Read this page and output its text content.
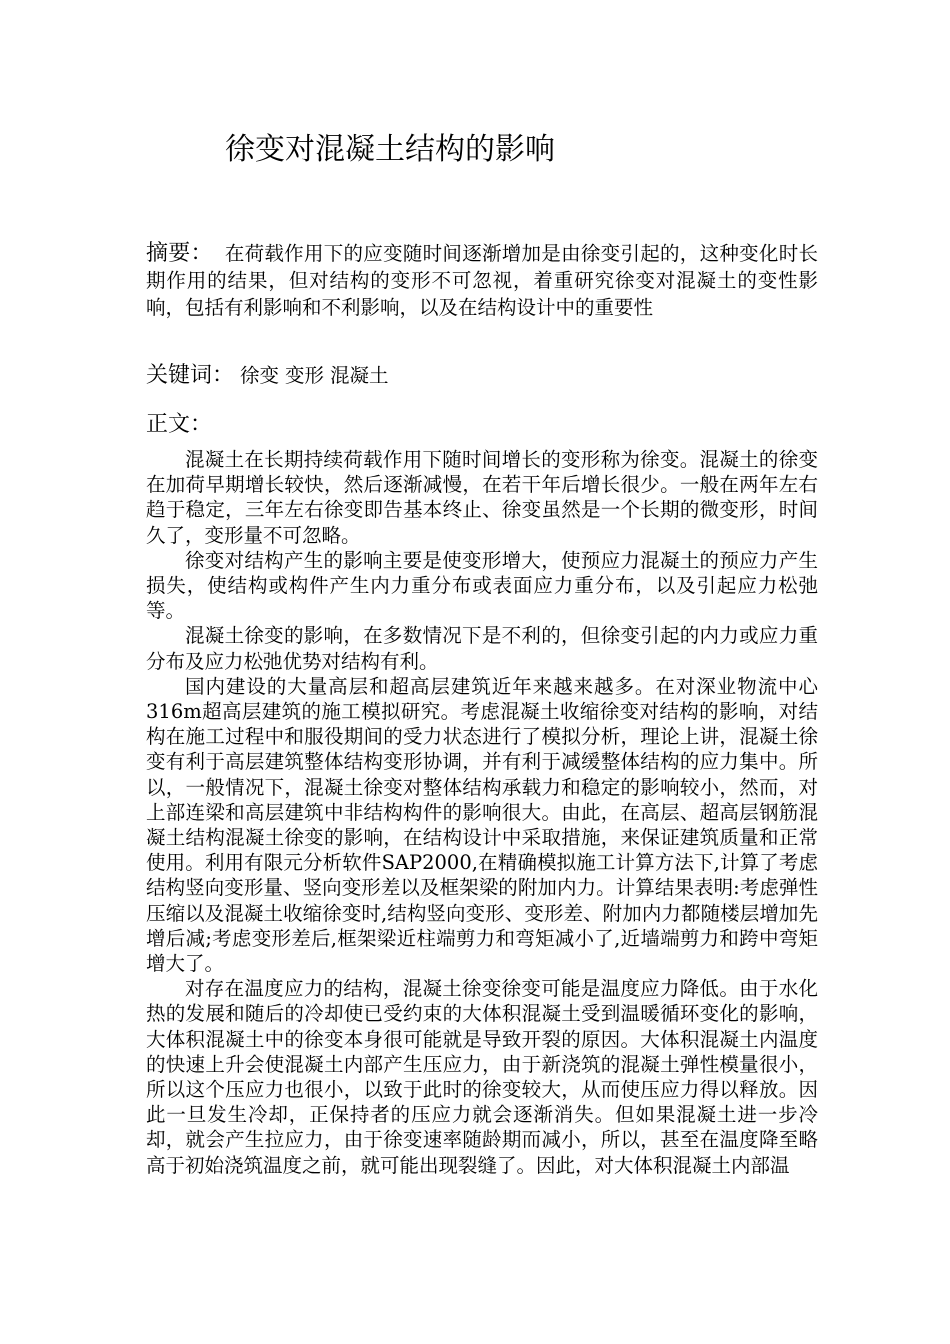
徐变对混凝土结构的影响
摘要： 在荷载作用下的应变随时间逐渐增加是由徐变引起的，这种变化时长期作用的结果，但对结构的变形不可忽视，着重研究徐变对混凝土的变性影响，包括有利影响和不利影响，以及在结构设计中的重要性
关键词： 徐变 变形 混凝土
正文：

混凝土在长期持续荷载作用下随时间增长的变形称为徐变。混凝土的徐变在加荷早期增长较快，然后逐渐减慢，在若干年后增长很少。一般在两年左右趋于稳定，三年左右徐变即告基本终止、徐变虽然是一个长期的微变形，时间久了，变形量不可忽略。

徐变对结构产生的影响主要是使变形增大，使预应力混凝土的预应力产生损失，使结构或构件产生内力重分布或表面应力重分布，以及引起应力松弛等。

混凝土徐变的影响，在多数情况下是不利的，但徐变引起的内力或应力重分布及应力松弛优势对结构有利。

国内建设的大量高层和超高层建筑近年来越来越多。在对深业物流中心316m超高层建筑的施工模拟研究。考虑混凝土收缩徐变对结构的影响，对结构在施工过程中和服役期间的受力状态进行了模拟分析，理论上讲，混凝土徐变有利于高层建筑整体结构变形协调，并有利于减缓整体结构的应力集中。所以，一般情况下，混凝土徐变对整体结构承载力和稳定的影响较小，然而，对上部连梁和高层建筑中非结构构件的影响很大。由此，在高层、超高层钢筋混凝土结构混凝土徐变的影响，在结构设计中采取措施，来保证建筑质量和正常使用。利用有限元分析软件SAP2000,在精确模拟施工计算方法下,计算了考虑结构竖向变形量、竖向变形差以及框架梁的附加内力。计算结果表明:考虑弹性压缩以及混凝土收缩徐变时,结构竖向变形、变形差、附加内力都随楼层增加先增后减;考虑变形差后,框架梁近柱端剪力和弯矩减小了,近墙端剪力和跨中弯矩增大了。

对存在温度应力的结构，混凝土徐变徐变可能是温度应力降低。由于水化热的发展和随后的冷却使已受约束的大体积混凝土受到温暖循环变化的影响，大体积混凝土中的徐变本身很可能就是导致开裂的原因。大体积混凝土内温度的快速上升会使混凝土内部产生压应力，由于新浇筑的混凝土弹性模量很小，所以这个压应力也很小，以致于此时的徐变较大，从而使压应力得以释放。因此一旦发生冷却，正保持者的压应力就会逐渐消失。但如果混凝土进一步冷却，就会产生拉应力，由于徐变速率随龄期而减小，所以，甚至在温度降至略高于初始浇筑温度之前，就可能出现裂缝了。因此，对大体积混凝土内部温
